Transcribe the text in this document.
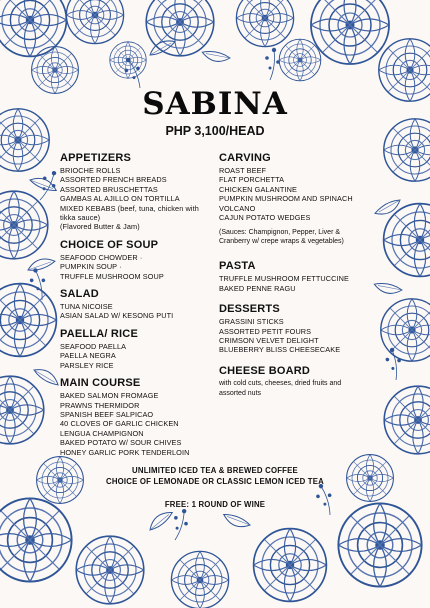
SABINA
PHP 3,100/HEAD
APPETIZERS
BRIOCHE ROLLS
ASSORTED FRENCH BREADS
ASSORTED BRUSCHETTAS
GAMBAS AL AJILLO ON TORTILLA
MIXED KEBABS (beef, tuna, chicken with
tikka sauce)
(Flavored Butter & Jam)
CHOICE OF SOUP
SEAFOOD CHOWDER ·
PUMPKIN SOUP ·
TRUFFLE MUSHROOM SOUP
SALAD
TUNA NICOISE
ASIAN SALAD W/ KESONG PUTI
PAELLA/ RICE
SEAFOOD PAELLA
PAELLA NEGRA
PARSLEY RICE
MAIN COURSE
BAKED SALMON FROMAGE
PRAWNS THERMIDOR
SPANISH BEEF SALPICAO
40 CLOVES OF GARLIC CHICKEN
LENGUA CHAMPIGNON
BAKED POTATO W/ SOUR CHIVES
HONEY GARLIC PORK TENDERLOIN
CARVING
ROAST BEEF
FLAT PORCHETTA
CHICKEN GALANTINE
PUMPKIN MUSHROOM AND SPINACH
VOLCANO
CAJUN POTATO WEDGES
(Sauces: Champignon, Pepper, Liver & Cranberry w/ crepe wraps & vegetables)
PASTA
TRUFFLE MUSHROOM FETTUCCINE
BAKED PENNE RAGU
DESSERTS
GRASSINI STICKS
ASSORTED PETIT FOURS
CRIMSON VELVET DELIGHT
BLUEBERRY BLISS CHEESECAKE
CHEESE BOARD
with cold cuts, cheeses, dried fruits and assorted nuts
UNLIMITED ICED TEA & BREWED COFFEE
CHOICE OF LEMONADE OR CLASSIC LEMON ICED TEA
FREE: 1 ROUND OF WINE
